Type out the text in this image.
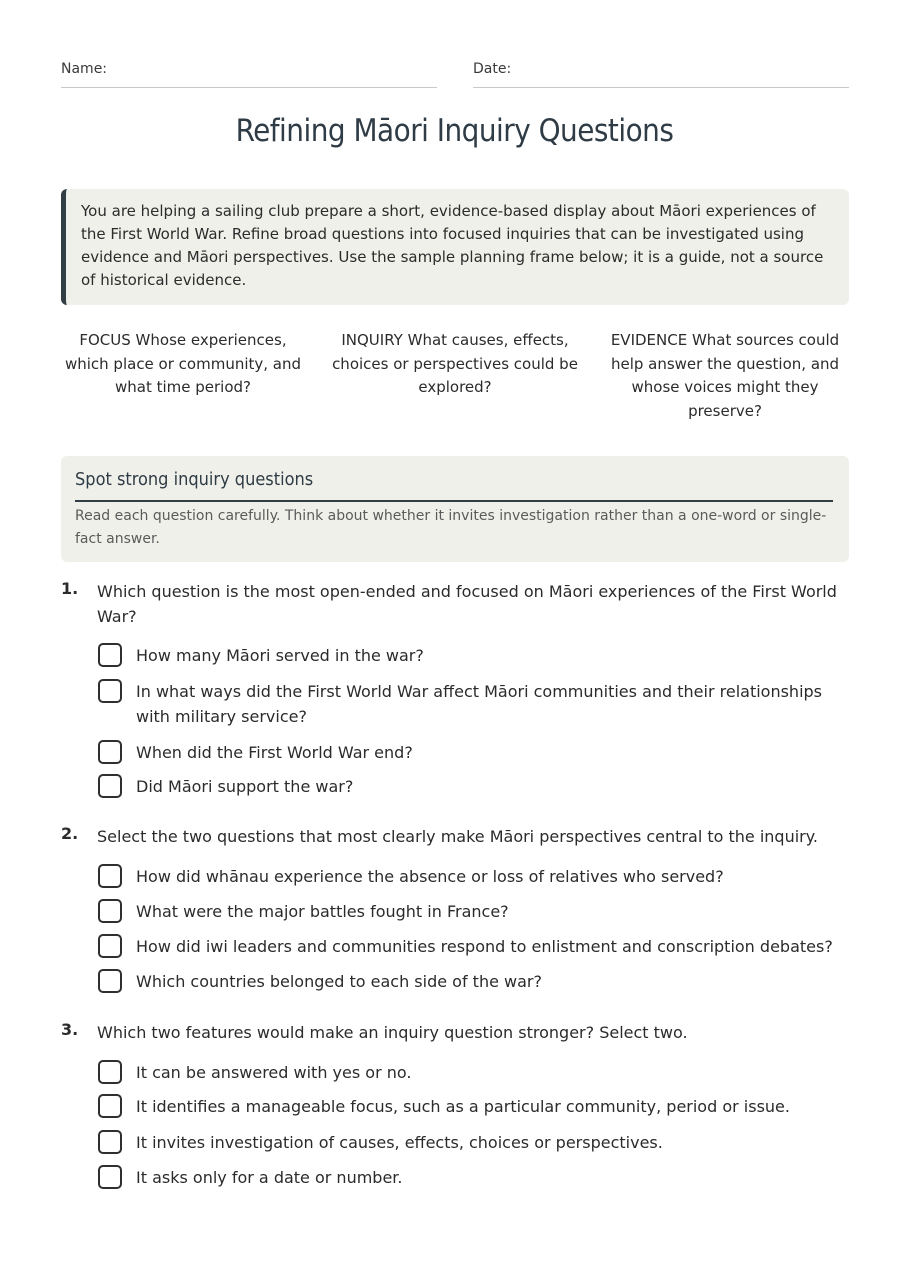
Name:	Date:
Refining Māori Inquiry Questions
You are helping a sailing club prepare a short, evidence-based display about Māori experiences of the First World War. Refine broad questions into focused inquiries that can be investigated using evidence and Māori perspectives. Use the sample planning frame below; it is a guide, not a source of historical evidence.
FOCUS Whose experiences, which place or community, and what time period?
INQUIRY What causes, effects, choices or perspectives could be explored?
EVIDENCE What sources could help answer the question, and whose voices might they preserve?
Spot strong inquiry questions
Read each question carefully. Think about whether it invites investigation rather than a one-word or single-fact answer.
1. Which question is the most open-ended and focused on Māori experiences of the First World War?
How many Māori served in the war?
In what ways did the First World War affect Māori communities and their relationships with military service?
When did the First World War end?
Did Māori support the war?
2. Select the two questions that most clearly make Māori perspectives central to the inquiry.
How did whānau experience the absence or loss of relatives who served?
What were the major battles fought in France?
How did iwi leaders and communities respond to enlistment and conscription debates?
Which countries belonged to each side of the war?
3. Which two features would make an inquiry question stronger? Select two.
It can be answered with yes or no.
It identifies a manageable focus, such as a particular community, period or issue.
It invites investigation of causes, effects, choices or perspectives.
It asks only for a date or number.
